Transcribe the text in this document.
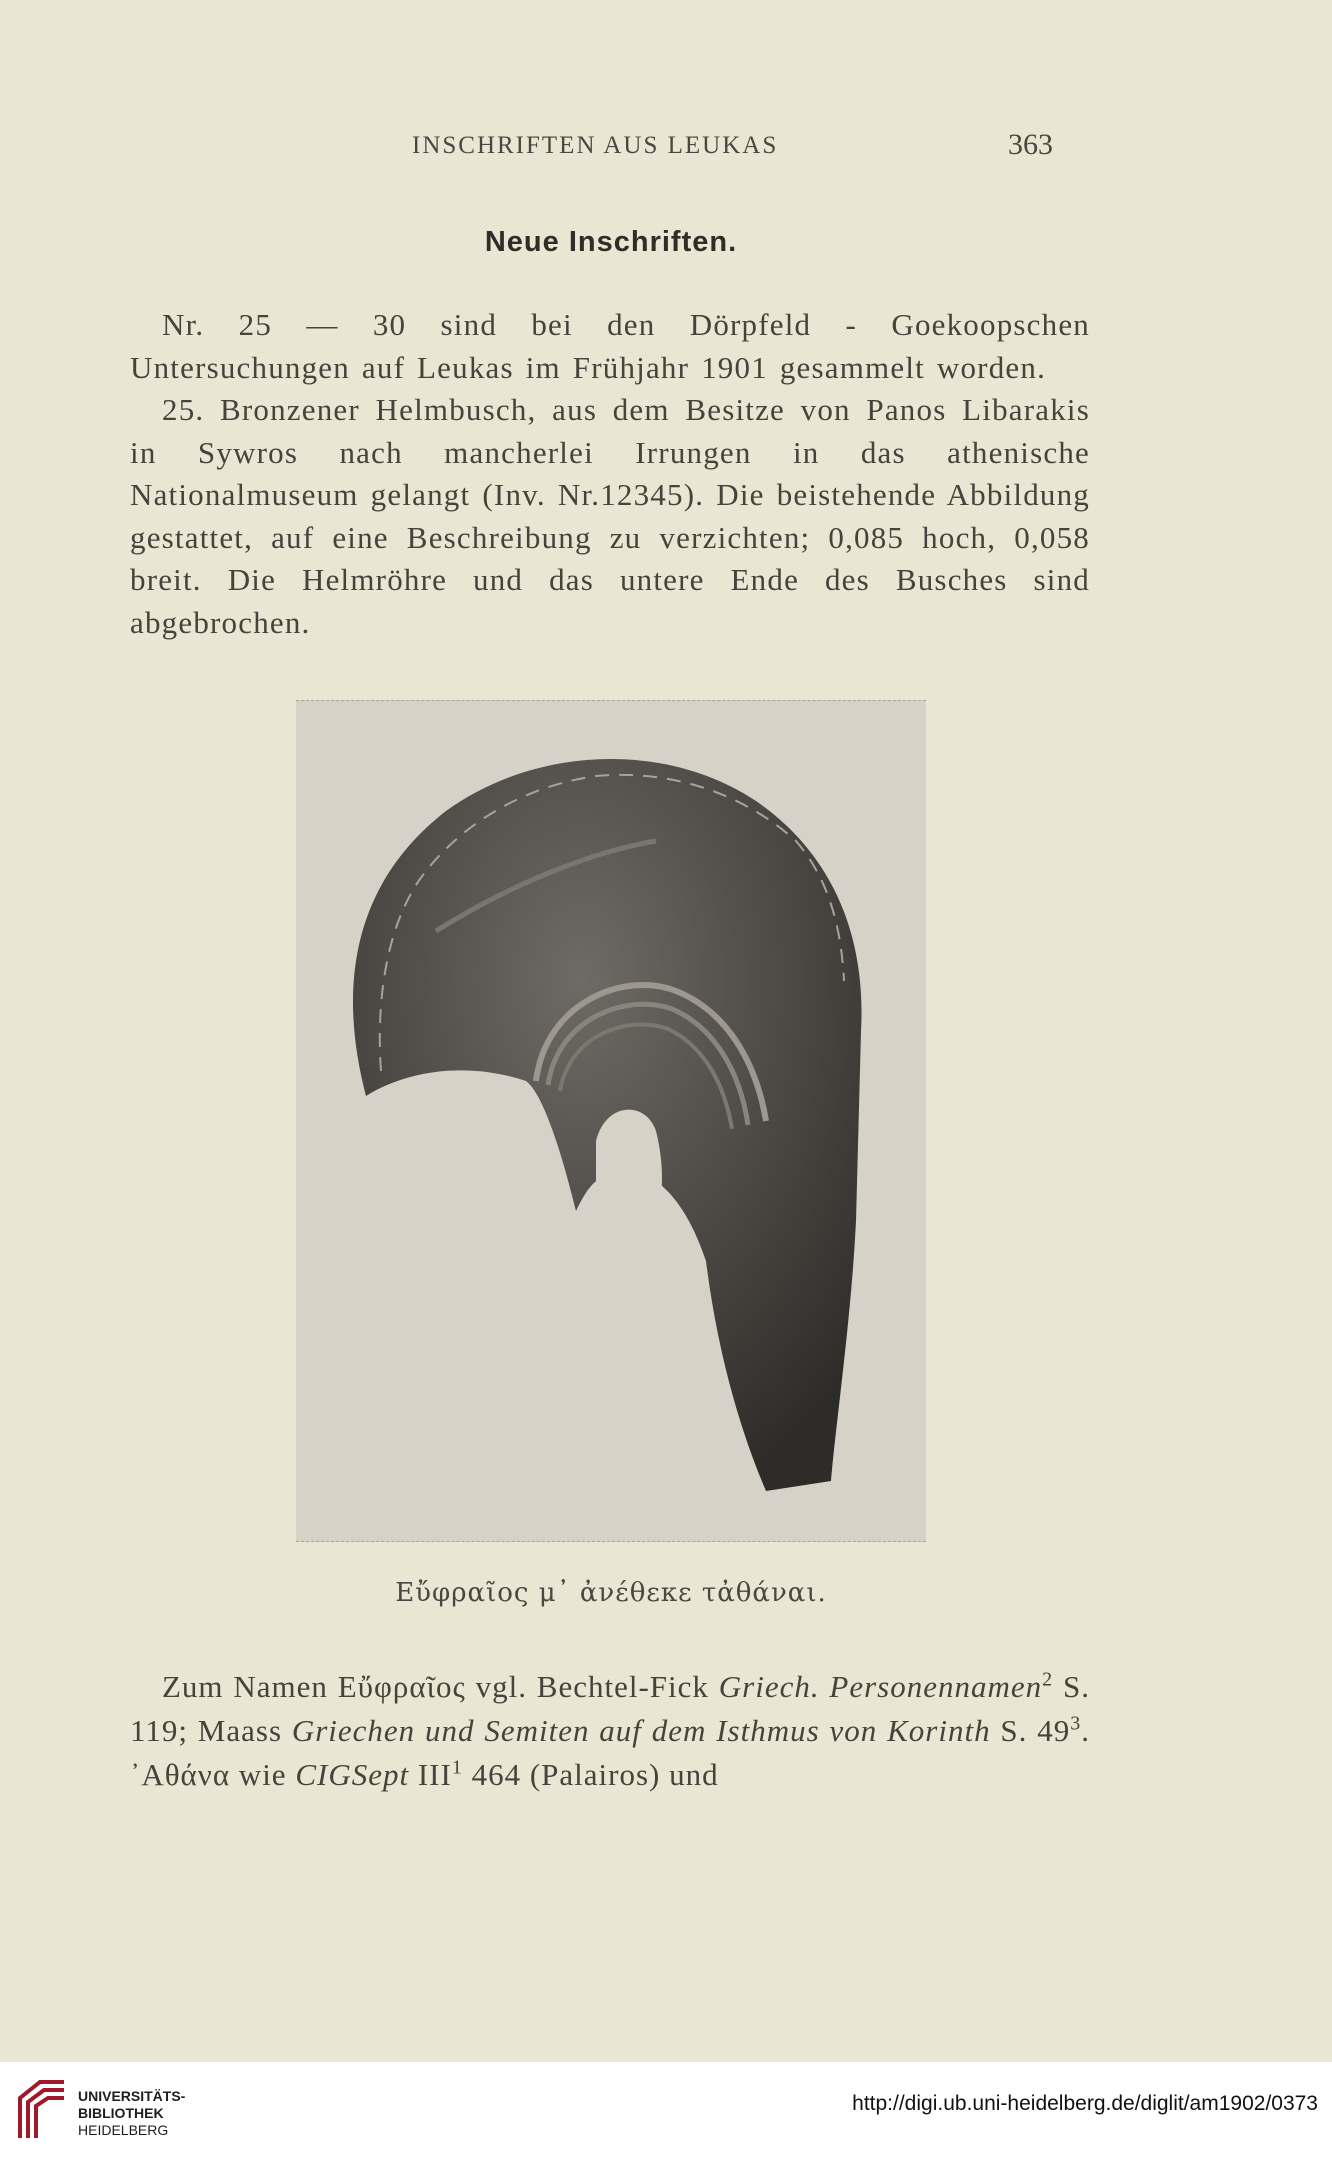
INSCHRIFTEN AUS LEUKAS	363
Neue Inschriften.

Nr. 25 — 30 sind bei den Dörpfeld - Goekoopschen Untersuchungen auf Leukas im Frühjahr 1901 gesammelt worden.

25. Bronzener Helmbusch, aus dem Besitze von Panos Libarakis in Sywros nach mancherlei Irrungen in das athenische Nationalmuseum gelangt (Inv. Nr.12345). Die beistehende Abbildung gestattet, auf eine Beschreibung zu verzichten; 0,085 hoch, 0,058 breit. Die Helmröhre und das untere Ende des Busches sind abgebrochen.

Εὔφραῖος μ᾽ ἀνέθεκε τἀθάναι.

Zum Namen Εὔφραῖος vgl. Bechtel-Fick Griech. Personennamen$^2$ S. 119; Maass Griechen und Semiten auf dem Isthmus von Korinth S. $49^3$. ᾽Αθάνα wie CIGSept III$^1$ 464 (Palairos) und

UNIVERSITÄTS-
BIBLIOTHEK
HEIDELBERG
http://digi.ub.uni-heidelberg.de/diglit/am1902/0373
